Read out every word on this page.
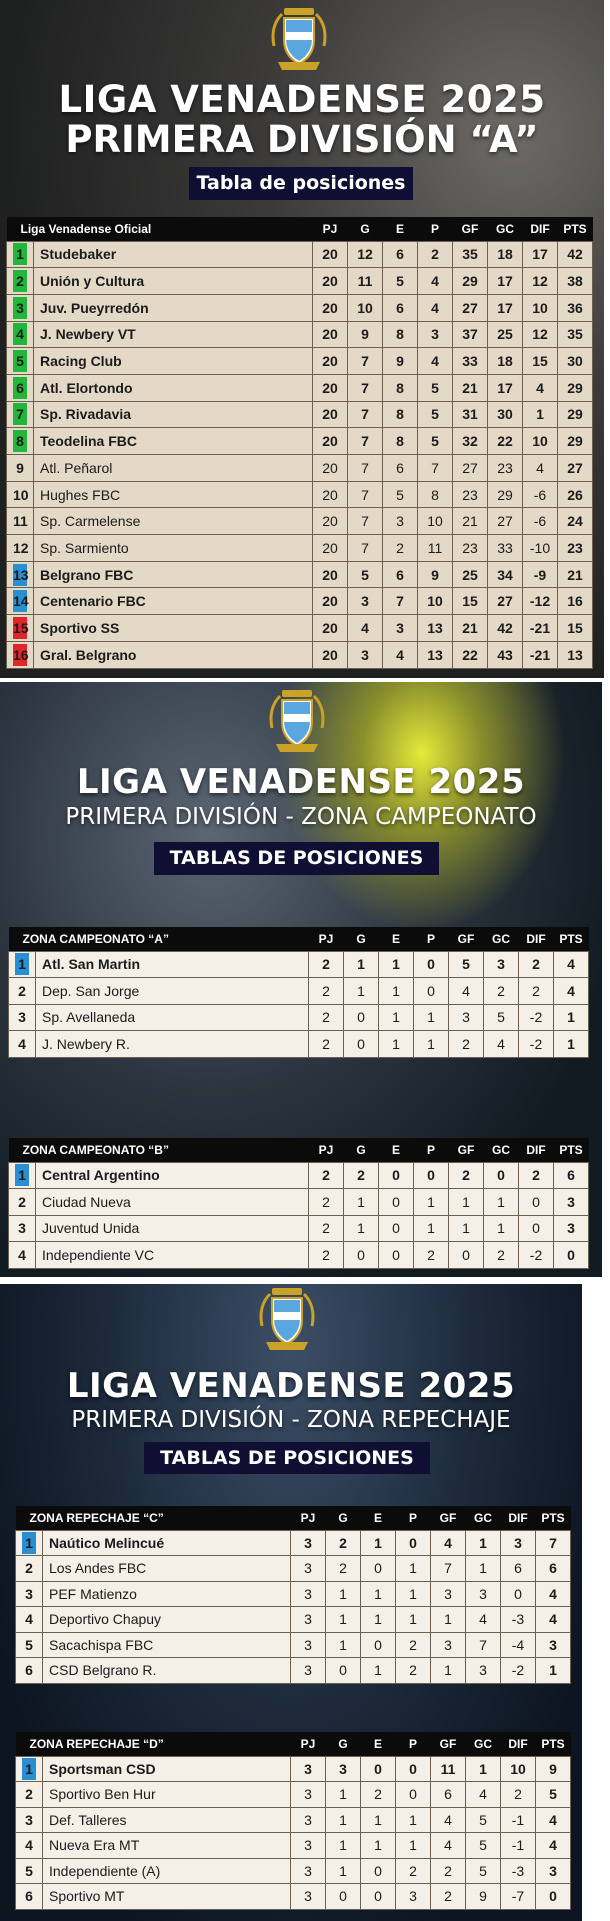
LIGA VENADENSE 2025
PRIMERA DIVISIÓN “A”
Tabla de posiciones
Liga Venadense Oficial		PJ	G	E	P	GF	GC	DIF	PTS
1	Studebaker	20	12	6	2	35	18	17	42
2	Unión y Cultura	20	11	5	4	29	17	12	38
3	Juv. Pueyrredón	20	10	6	4	27	17	10	36
4	J. Newbery VT	20	9	8	3	37	25	12	35
5	Racing Club	20	7	9	4	33	18	15	30
6	Atl. Elortondo	20	7	8	5	21	17	4	29
7	Sp. Rivadavia	20	7	8	5	31	30	1	29
8	Teodelina FBC	20	7	8	5	32	22	10	29
9	Atl. Peñarol	20	7	6	7	27	23	4	27
10	Hughes FBC	20	7	5	8	23	29	-6	26
11	Sp. Carmelense	20	7	3	10	21	27	-6	24
12	Sp. Sarmiento	20	7	2	11	23	33	-10	23
13	Belgrano FBC	20	5	6	9	25	34	-9	21
14	Centenario FBC	20	3	7	10	15	27	-12	16
15	Sportivo SS	20	4	3	13	21	42	-21	15
16	Gral. Belgrano	20	3	4	13	22	43	-21	13
LIGA VENADENSE 2025
PRIMERA DIVISIÓN - ZONA CAMPEONATO
TABLAS DE POSICIONES
ZONA CAMPEONATO “A”		PJ	G	E	P	GF	GC	DIF	PTS
1	Atl. San Martin	2	1	1	0	5	3	2	4
2	Dep. San Jorge	2	1	1	0	4	2	2	4
3	Sp. Avellaneda	2	0	1	1	3	5	-2	1
4	J. Newbery R.	2	0	1	1	2	4	-2	1
ZONA CAMPEONATO “B”		PJ	G	E	P	GF	GC	DIF	PTS
1	Central Argentino	2	2	0	0	2	0	2	6
2	Ciudad Nueva	2	1	0	1	1	1	0	3
3	Juventud Unida	2	1	0	1	1	1	0	3
4	Independiente VC	2	0	0	2	0	2	-2	0
LIGA VENADENSE 2025
PRIMERA DIVISIÓN - ZONA REPECHAJE
TABLAS DE POSICIONES
ZONA REPECHAJE “C”		PJ	G	E	P	GF	GC	DIF	PTS
1	Naútico Melincué	3	2	1	0	4	1	3	7
2	Los Andes FBC	3	2	0	1	7	1	6	6
3	PEF Matienzo	3	1	1	1	3	3	0	4
4	Deportivo Chapuy	3	1	1	1	1	4	-3	4
5	Sacachispa FBC	3	1	0	2	3	7	-4	3
6	CSD Belgrano R.	3	0	1	2	1	3	-2	1
ZONA REPECHAJE “D”		PJ	G	E	P	GF	GC	DIF	PTS
1	Sportsman CSD	3	3	0	0	11	1	10	9
2	Sportivo Ben Hur	3	1	2	0	6	4	2	5
3	Def. Talleres	3	1	1	1	4	5	-1	4
4	Nueva Era MT	3	1	1	1	4	5	-1	4
5	Independiente (A)	3	1	0	2	2	5	-3	3
6	Sportivo MT	3	0	0	3	2	9	-7	0
